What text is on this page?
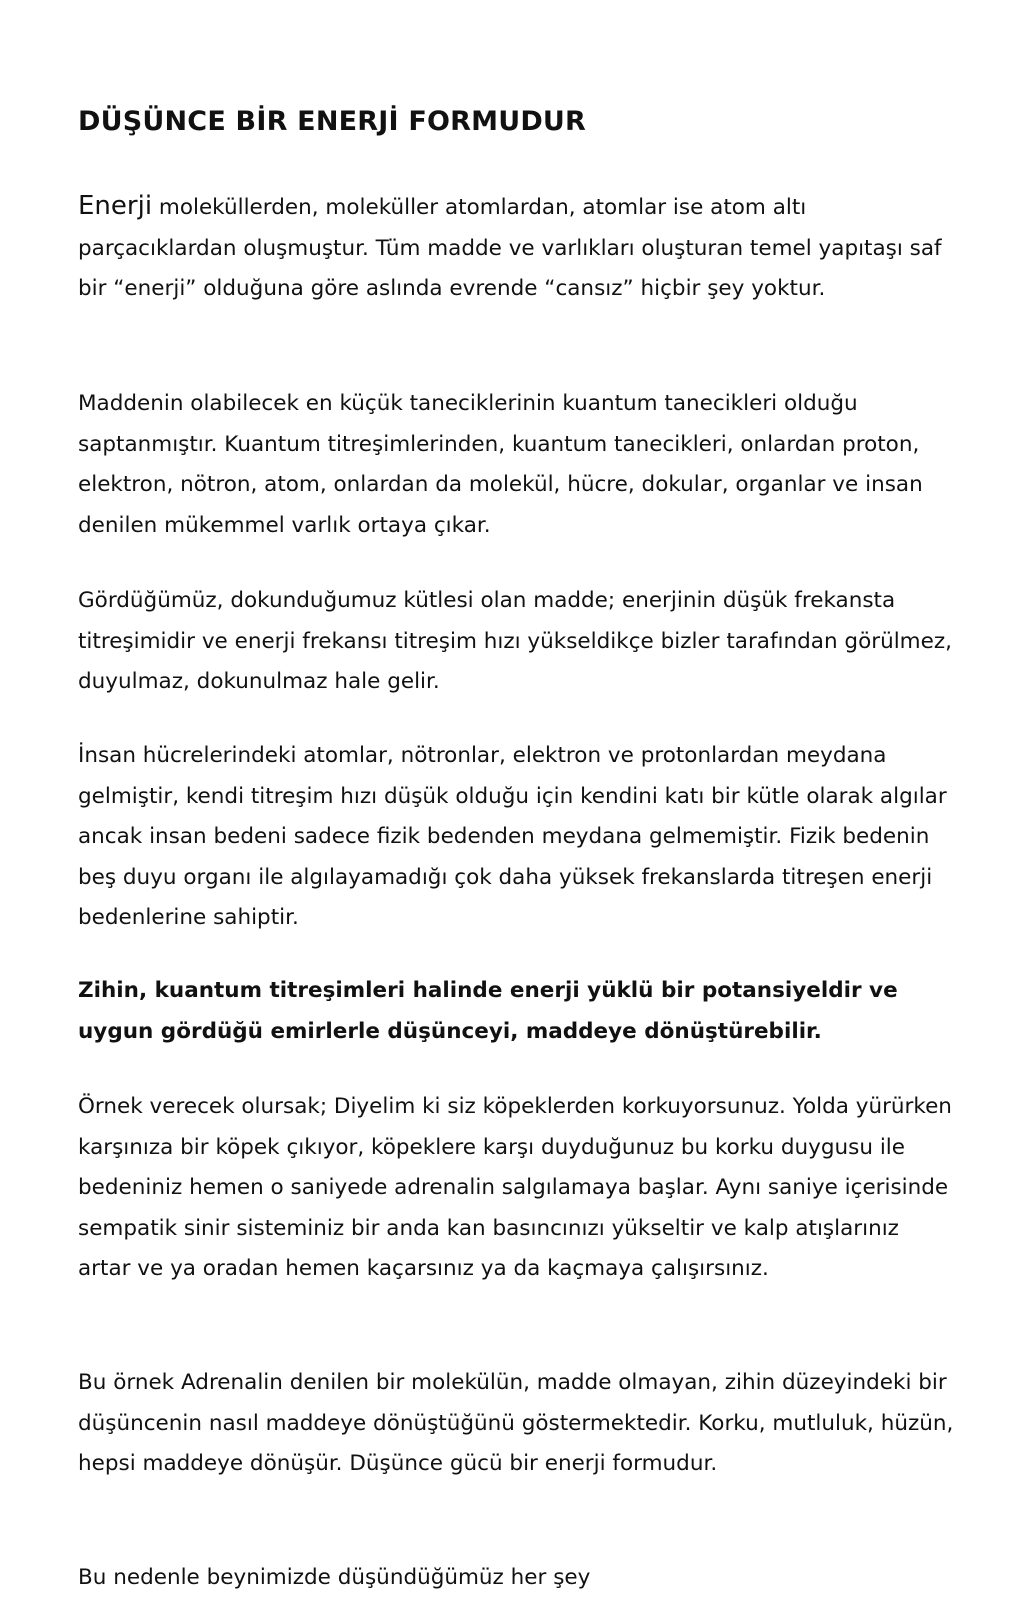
DÜŞÜNCE BİR ENERJİ FORMUDUR

Enerji moleküllerden, moleküller atomlardan, atomlar ise atom altı parçacıklardan oluşmuştur. Tüm madde ve varlıkları oluşturan temel yapıtaşı saf bir “enerji” olduğuna göre aslında evrende “cansız” hiçbir şey yoktur.

Maddenin olabilecek en küçük taneciklerinin kuantum tanecikleri olduğu saptanmıştır. Kuantum titreşimlerinden, kuantum tanecikleri, onlardan proton, elektron, nötron, atom, onlardan da molekül, hücre, dokular, organlar ve insan denilen mükemmel varlık ortaya çıkar.

Gördüğümüz, dokunduğumuz kütlesi olan madde; enerjinin düşük frekansta titreşimidir ve enerji frekansı titreşim hızı yükseldikçe bizler tarafından görülmez, duyulmaz, dokunulmaz hale gelir.

İnsan hücrelerindeki atomlar, nötronlar, elektron ve protonlardan meydana gelmiştir, kendi titreşim hızı düşük olduğu için kendini katı bir kütle olarak algılar ancak insan bedeni sadece fizik bedenden meydana gelmemiştir. Fizik bedenin beş duyu organı ile algılayamadığı çok daha yüksek frekanslarda titreşen enerji bedenlerine sahiptir.

Zihin, kuantum titreşimleri halinde enerji yüklü bir potansiyeldir ve uygun gördüğü emirlerle düşünceyi, maddeye dönüştürebilir.

Örnek verecek olursak; Diyelim ki siz köpeklerden korkuyorsunuz. Yolda yürürken karşınıza bir köpek çıkıyor, köpeklere karşı duyduğunuz bu korku duygusu ile bedeniniz hemen o saniyede adrenalin salgılamaya başlar. Aynı saniye içerisinde sempatik sinir sisteminiz bir anda kan basıncınızı yükseltir ve kalp atışlarınız artar ve ya oradan hemen kaçarsınız ya da kaçmaya çalışırsınız.

Bu örnek Adrenalin denilen bir molekülün, madde olmayan, zihin düzeyindeki bir düşüncenin nasıl maddeye dönüştüğünü göstermektedir. Korku, mutluluk, hüzün, hepsi maddeye dönüşür. Düşünce gücü bir enerji formudur.

Bu nedenle beynimizde düşündüğümüz her şey
